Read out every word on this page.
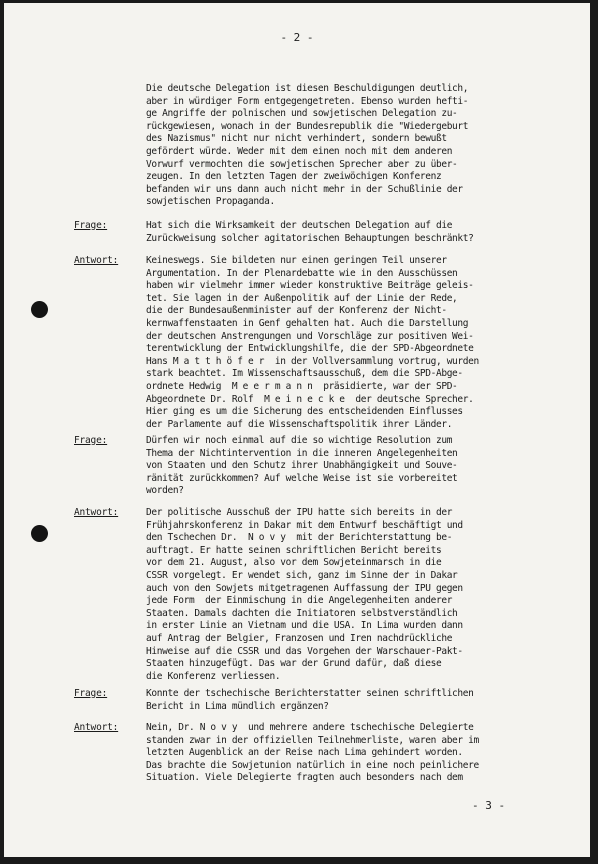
- 2 -
Die deutsche Delegation ist diesen Beschuldigungen deutlich,
aber in würdiger Form entgegengetreten. Ebenso wurden hefti-
ge Angriffe der polnischen und sowjetischen Delegation zu-
rückgewiesen, wonach in der Bundesrepublik die "Wiedergeburt
des Nazismus" nicht nur nicht verhindert, sondern bewußt
gefördert würde. Weder mit dem einen noch mit dem anderen
Vorwurf vermochten die sowjetischen Sprecher aber zu über-
zeugen. In den letzten Tagen der zweiwöchigen Konferenz
befanden wir uns dann auch nicht mehr in der Schußlinie der
sowjetischen Propaganda.
Frage:	Hat sich die Wirksamkeit der deutschen Delegation auf die
Zurückweisung solcher agitatorischen Behauptungen beschränkt?
Antwort:	Keineswegs. Sie bildeten nur einen geringen Teil unserer
Argumentation. In der Plenardebatte wie in den Ausschüssen
haben wir vielmehr immer wieder konstruktive Beiträge geleis-
tet. Sie lagen in der Außenpolitik auf der Linie der Rede,
die der Bundesaußenminister auf der Konferenz der Nicht-
kernwaffenstaaten in Genf gehalten hat. Auch die Darstellung
der deutschen Anstrengungen und Vorschläge zur positiven Wei-
terentwicklung der Entwicklungshilfe, die der SPD-Abgeordnete
Hans M a t t h ö f e r  in der Vollversammlung vortrug, wurden
stark beachtet. Im Wissenschaftsausschuß, dem die SPD-Abge-
ordnete Hedwig  M e e r m a n n  präsidierte, war der SPD-
Abgeordnete Dr. Rolf  M e i n e c k e  der deutsche Sprecher.
Hier ging es um die Sicherung des entscheidenden Einflusses
der Parlamente auf die Wissenschaftspolitik ihrer Länder.
Frage:	Dürfen wir noch einmal auf die so wichtige Resolution zum
Thema der Nichtintervention in die inneren Angelegenheiten
von Staaten und den Schutz ihrer Unabhängigkeit und Souve-
ränität zurückkommen? Auf welche Weise ist sie vorbereitet
worden?
Antwort:	Der politische Ausschuß der IPU hatte sich bereits in der
Frühjahrskonferenz in Dakar mit dem Entwurf beschäftigt und
den Tschechen Dr.  N o v y  mit der Berichterstattung be-
auftragt. Er hatte seinen schriftlichen Bericht bereits
vor dem 21. August, also vor dem Sowjeteinmarsch in die
CSSR vorgelegt. Er wendet sich, ganz im Sinne der in Dakar
auch von den Sowjets mitgetragenen Auffassung der IPU gegen
jede Form  der Einmischung in die Angelegenheiten anderer
Staaten. Damals dachten die Initiatoren selbstverständlich
in erster Linie an Vietnam und die USA. In Lima wurden dann
auf Antrag der Belgier, Franzosen und Iren nachdrückliche
Hinweise auf die CSSR und das Vorgehen der Warschauer-Pakt-
Staaten hinzugefügt. Das war der Grund dafür, daß diese
die Konferenz verliessen.
Frage:	Konnte der tschechische Berichterstatter seinen schriftlichen
Bericht in Lima mündlich ergänzen?
Antwort:	Nein, Dr. N o v y  und mehrere andere tschechische Delegierte
standen zwar in der offiziellen Teilnehmerliste, waren aber im
letzten Augenblick an der Reise nach Lima gehindert worden.
Das brachte die Sowjetunion natürlich in eine noch peinlichere
Situation. Viele Delegierte fragten auch besonders nach dem
- 3 -
